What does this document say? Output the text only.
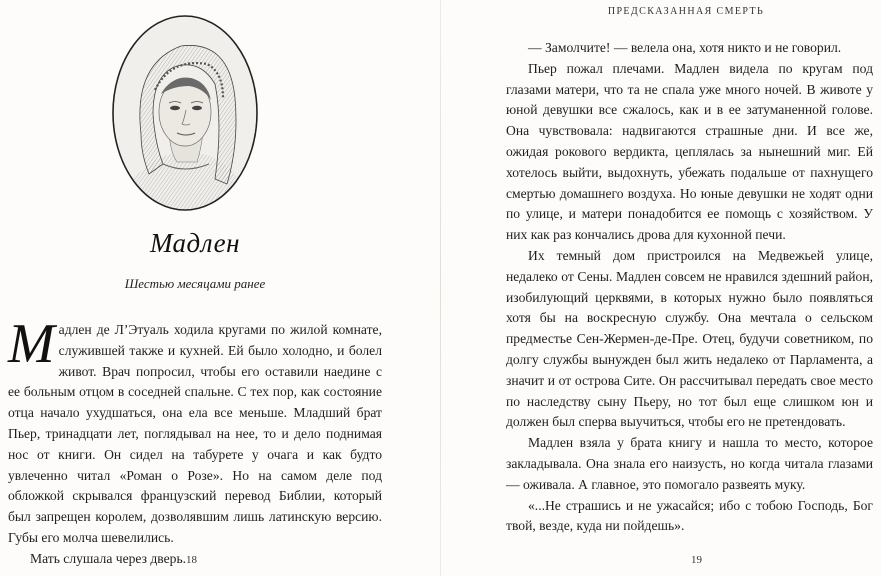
Мадлен
Шестью месяцами ранее

Мадлен де Л’Этуаль ходила кругами по жилой комнате, служившей также и кухней. Ей было холодно, и болел живот. Врач попросил, чтобы его оставили наедине с ее больным отцом в соседней спальне. С тех пор, как состояние отца начало ухудшаться, она ела все меньше. Младший брат Пьер, тринадцати лет, поглядывал на нее, то и дело поднимая нос от книги. Он сидел на табурете у очага и как будто увлеченно читал «Роман о Розе». Но на самом деле под обложкой скрывался французский перевод Библии, который был запрещен королем, дозволявшим лишь латинскую версию. Губы его молча шевелились.

Мать слушала через дверь. 18
ПРЕДСКАЗАННАЯ СМЕРТЬ

— Замолчите! — велела она, хотя никто и не говорил.

Пьер пожал плечами. Мадлен видела по кругам под глазами матери, что та не спала уже много ночей. В животе у юной девушки все сжалось, как и в ее затуманенной голове. Она чувствовала: надвигаются страшные дни. И все же, ожидая рокового вердикта, цеплялась за нынешний миг. Ей хотелось выйти, выдохнуть, убежать подальше от пахнущего смертью домашнего воздуха. Но юные девушки не ходят одни по улице, и матери понадобится ее помощь с хозяйством. У них как раз кончались дрова для кухонной печи.

Их темный дом пристроился на Медвежьей улице, недалеко от Сены. Мадлен совсем не нравился здешний район, изобилующий церквями, в которых нужно было появляться хотя бы на воскресную службу. Она мечтала о сельском предместье Сен-Жермен-де-Пре. Отец, будучи советником, по долгу службы вынужден был жить недалеко от Парламента, а значит и от острова Сите. Он рассчитывал передать свое место по наследству сыну Пьеру, но тот был еще слишком юн и должен был сперва выучиться, чтобы его не претендовать.

Мадлен взяла у брата книгу и нашла то место, которое закладывала. Она знала его наизусть, но когда читала глазами — оживала. А главное, это помогало развеять муку.

«...Не страшись и не ужасайся; ибо с тобою Господь, Бог твой, везде, куда ни пойдешь».

19
